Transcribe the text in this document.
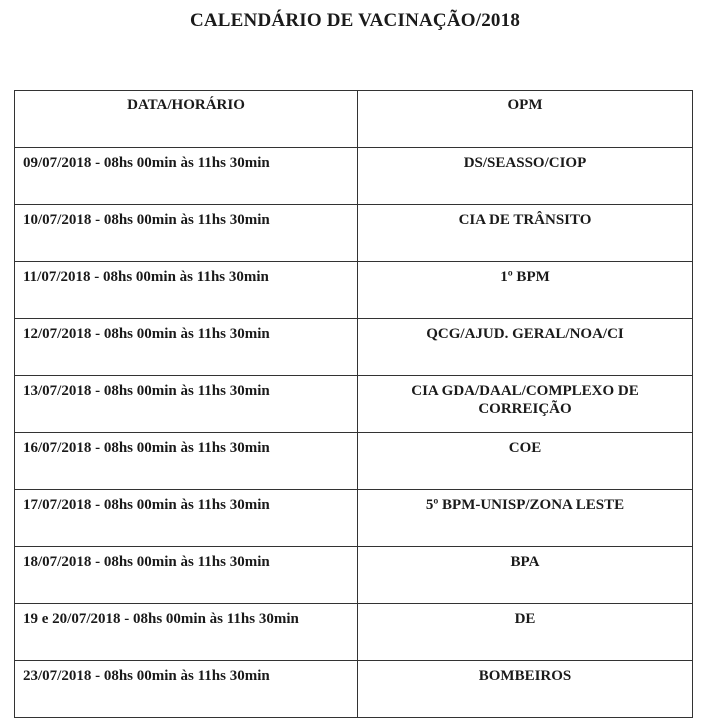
CALENDÁRIO DE VACINAÇÃO/2018
DATA/HORÁRIO	OPM
09/07/2018 - 08hs 00min às 11hs 30min	DS/SEASSO/CIOP
10/07/2018 - 08hs 00min às 11hs 30min	CIA DE TRÂNSITO
11/07/2018 - 08hs 00min às 11hs 30min	1º BPM
12/07/2018 - 08hs 00min às 11hs 30min	QCG/AJUD. GERAL/NOA/CI
13/07/2018 - 08hs 00min às 11hs 30min	CIA GDA/DAAL/COMPLEXO DE CORREIÇÃO
16/07/2018 - 08hs 00min às 11hs 30min	COE
17/07/2018 - 08hs 00min às 11hs 30min	5º BPM-UNISP/ZONA LESTE
18/07/2018 - 08hs 00min às 11hs 30min	BPA
19 e 20/07/2018 - 08hs 00min às 11hs 30min	DE
23/07/2018 - 08hs 00min às 11hs 30min	BOMBEIROS
